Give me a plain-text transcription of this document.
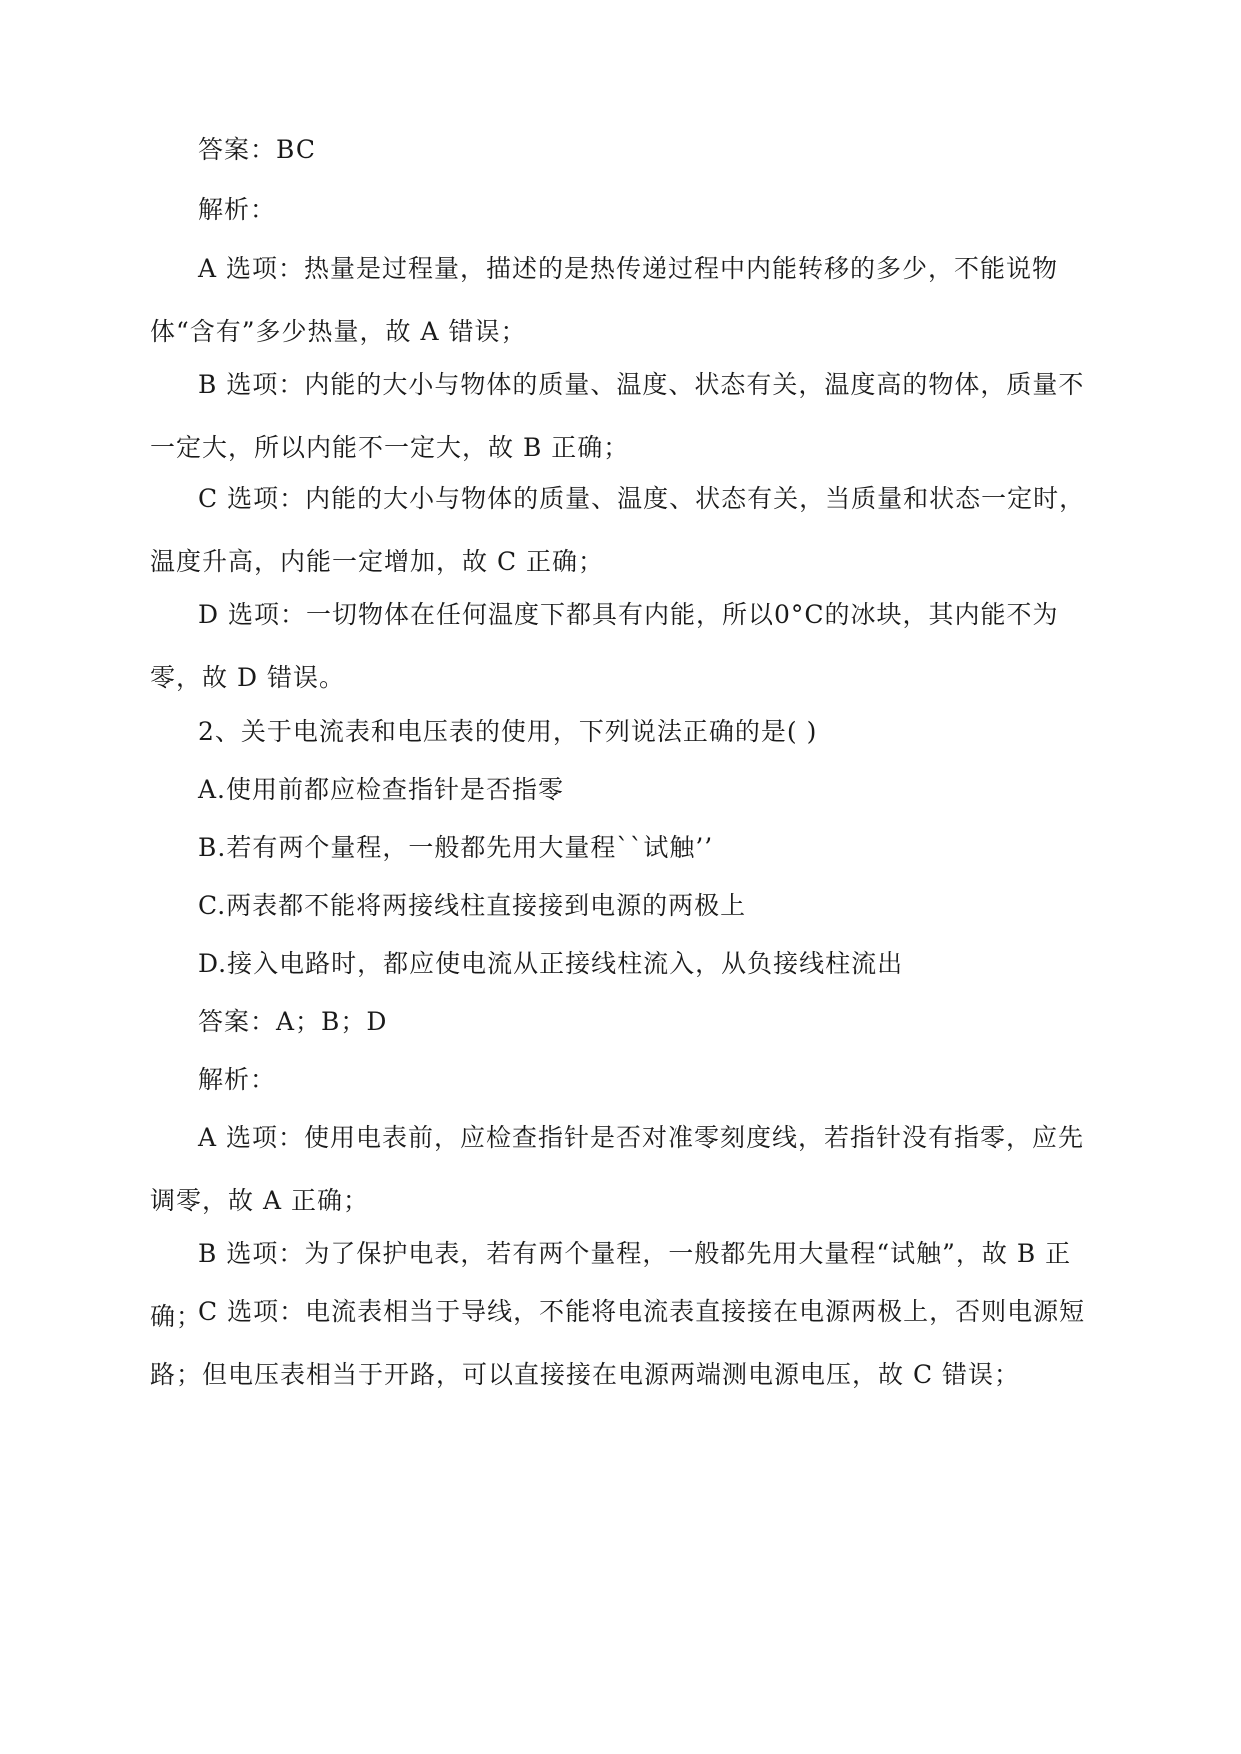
答案：BC

解析：

A 选项：热量是过程量，描述的是热传递过程中内能转移的多少，不能说物体“含有”多少热量，故 A 错误；

B 选项：内能的大小与物体的质量、温度、状态有关，温度高的物体，质量不一定大，所以内能不一定大，故 B 正确；

C 选项：内能的大小与物体的质量、温度、状态有关，当质量和状态一定时，温度升高，内能一定增加，故 C 正确；

D 选项：一切物体在任何温度下都具有内能，所以0°C的冰块，其内能不为零，故 D 错误。

2、关于电流表和电压表的使用，下列说法正确的是( )

A.使用前都应检查指针是否指零

B.若有两个量程，一般都先用大量程``试触’’

C.两表都不能将两接线柱直接接到电源的两极上

D.接入电路时，都应使电流从正接线柱流入，从负接线柱流出

答案：A；B；D

解析：

A 选项：使用电表前，应检查指针是否对准零刻度线，若指针没有指零，应先调零，故 A 正确；

B 选项：为了保护电表，若有两个量程，一般都先用大量程“试触”，故 B 正确；

C 选项：电流表相当于导线，不能将电流表直接接在电源两极上，否则电源短路；但电压表相当于开路，可以直接接在电源两端测电源电压，故 C 错误；
